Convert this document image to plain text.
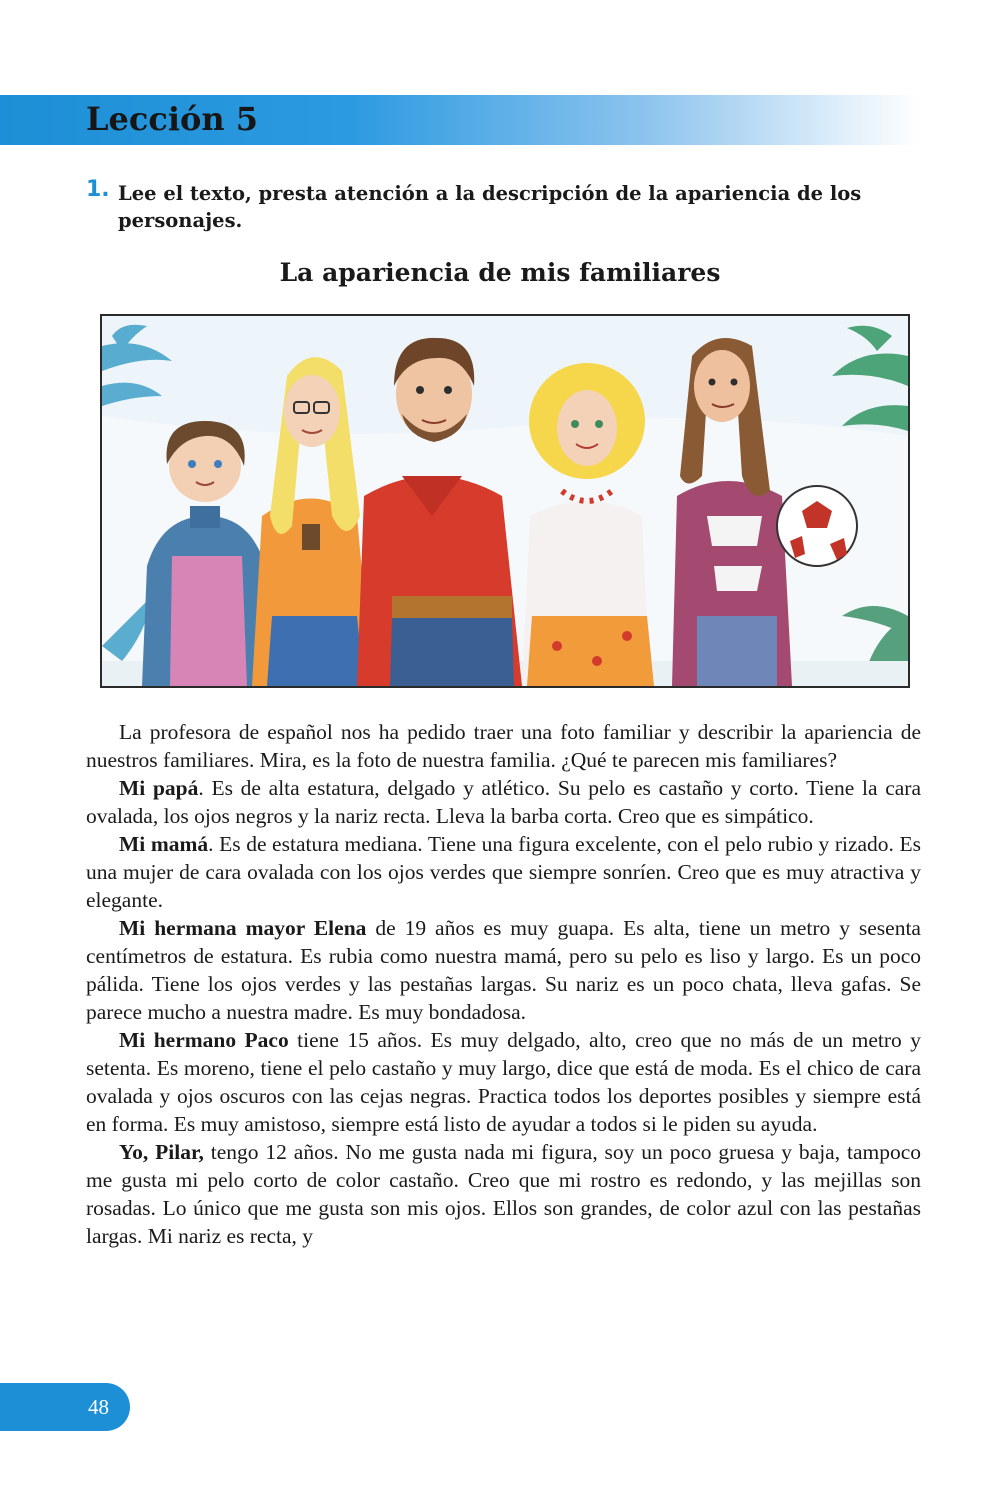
Lección 5
1. Lee el texto, presta atención a la descripción de la apariencia de los personajes.

La apariencia de mis familiares

La profesora de español nos ha pedido traer una foto familiar y describir la apariencia de nuestros familiares. Mira, es la foto de nuestra familia. ¿Qué te parecen mis familiares?

Mi papá. Es de alta estatura, delgado y atlético. Su pelo es castaño y corto. Tiene la cara ovalada, los ojos negros y la nariz recta. Lleva la barba corta. Creo que es simpático.

Mi mamá. Es de estatura mediana. Tiene una figura excelente, con el pelo rubio y rizado. Es una mujer de cara ovalada con los ojos verdes que siempre sonríen. Creo que es muy atractiva y elegante.

Mi hermana mayor Elena de 19 años es muy guapa. Es alta, tiene un metro y sesenta centímetros de estatura. Es rubia como nuestra mamá, pero su pelo es liso y largo. Es un poco pálida. Tiene los ojos verdes y las pestañas largas. Su nariz es un poco chata, lleva gafas. Se parece mucho a nuestra madre. Es muy bondadosa.

Mi hermano Paco tiene 15 años. Es muy delgado, alto, creo que no más de un metro y setenta. Es moreno, tiene el pelo castaño y muy largo, dice que está de moda. Es el chico de cara ovalada y ojos oscuros con las cejas negras. Practica todos los deportes posibles y siempre está en forma. Es muy amistoso, siempre está listo de ayudar a todos si le piden su ayuda.

Yo, Pilar, tengo 12 años. No me gusta nada mi figura, soy un poco gruesa y baja, tampoco me gusta mi pelo corto de color castaño. Creo que mi rostro es redondo, y las mejillas son rosadas. Lo único que me gusta son mis ojos. Ellos son grandes, de color azul con las pestañas largas. Mi nariz es recta, y

48
